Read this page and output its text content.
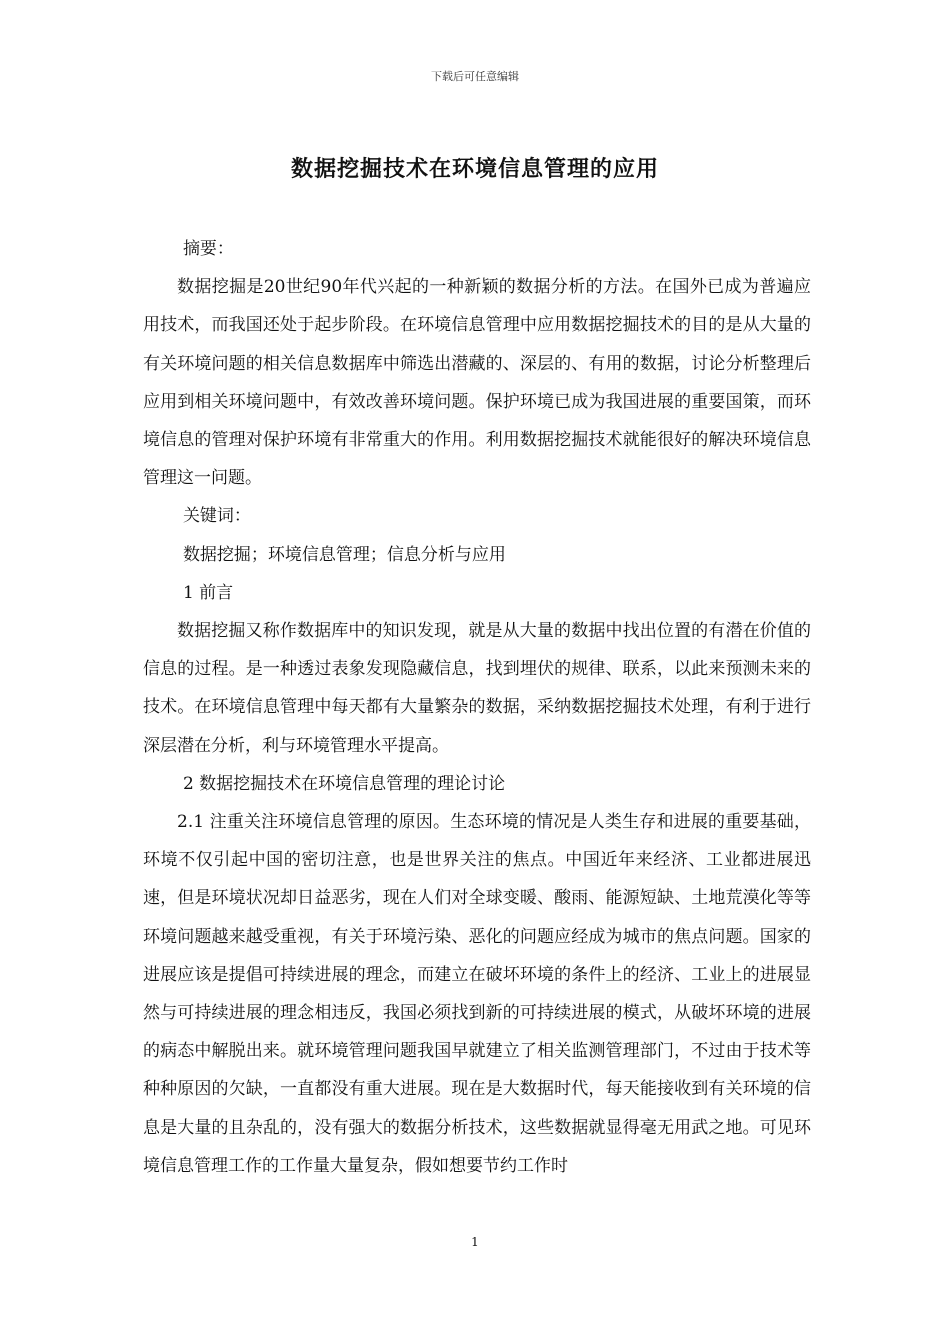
下载后可任意编辑
数据挖掘技术在环境信息管理的应用

摘要：

数据挖掘是20世纪90年代兴起的一种新颖的数据分析的方法。在国外已成为普遍应用技术，而我国还处于起步阶段。在环境信息管理中应用数据挖掘技术的目的是从大量的有关环境问题的相关信息数据库中筛选出潜藏的、深层的、有用的数据，讨论分析整理后应用到相关环境问题中，有效改善环境问题。保护环境已成为我国进展的重要国策，而环境信息的管理对保护环境有非常重大的作用。利用数据挖掘技术就能很好的解决环境信息管理这一问题。

关键词：

数据挖掘；环境信息管理；信息分析与应用

1 前言

数据挖掘又称作数据库中的知识发现，就是从大量的数据中找出位置的有潜在价值的信息的过程。是一种透过表象发现隐藏信息，找到埋伏的规律、联系，以此来预测未来的技术。在环境信息管理中每天都有大量繁杂的数据，采纳数据挖掘技术处理，有利于进行深层潜在分析，利与环境管理水平提高。

2 数据挖掘技术在环境信息管理的理论讨论

2.1 注重关注环境信息管理的原因。生态环境的情况是人类生存和进展的重要基础，环境不仅引起中国的密切注意，也是世界关注的焦点。中国近年来经济、工业都进展迅速，但是环境状况却日益恶劣，现在人们对全球变暖、酸雨、能源短缺、土地荒漠化等等环境问题越来越受重视，有关于环境污染、恶化的问题应经成为城市的焦点问题。国家的进展应该是提倡可持续进展的理念，而建立在破坏环境的条件上的经济、工业上的进展显然与可持续进展的理念相违反，我国必须找到新的可持续进展的模式，从破坏环境的进展的病态中解脱出来。就环境管理问题我国早就建立了相关监测管理部门，不过由于技术等种种原因的欠缺，一直都没有重大进展。现在是大数据时代，每天能接收到有关环境的信息是大量的且杂乱的，没有强大的数据分析技术，这些数据就显得毫无用武之地。可见环境信息管理工作的工作量大量复杂，假如想要节约工作时

1
